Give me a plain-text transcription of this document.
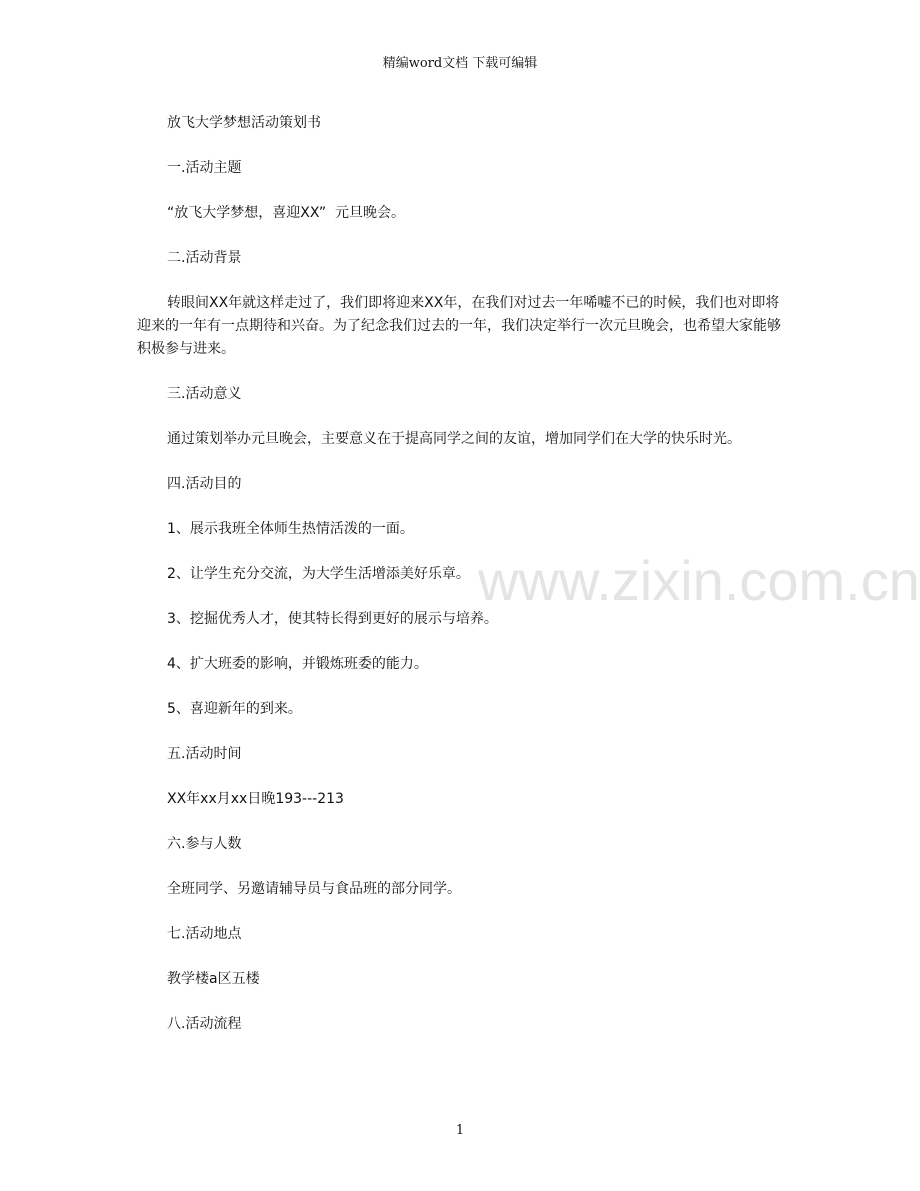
精编word文档 下载可编辑
www.zixin.com.cn

放飞大学梦想活动策划书

一.活动主题

“放飞大学梦想，喜迎XX”  元旦晚会。

二.活动背景

转眼间XX年就这样走过了，我们即将迎来XX年，在我们对过去一年唏嘘不已的时候，我们也对即将迎来的一年有一点期待和兴奋。为了纪念我们过去的一年，我们决定举行一次元旦晚会，也希望大家能够积极参与进来。

三.活动意义

通过策划举办元旦晚会，主要意义在于提高同学之间的友谊，增加同学们在大学的快乐时光。

四.活动目的

1、展示我班全体师生热情活泼的一面。

2、让学生充分交流，为大学生活增添美好乐章。

3、挖掘优秀人才，使其特长得到更好的展示与培养。

4、扩大班委的影响，并锻炼班委的能力。

5、喜迎新年的到来。

五.活动时间

XX年xx月xx日晚193---213

六.参与人数

全班同学、另邀请辅导员与食品班的部分同学。

七.活动地点

教学楼a区五楼

八.活动流程

1
